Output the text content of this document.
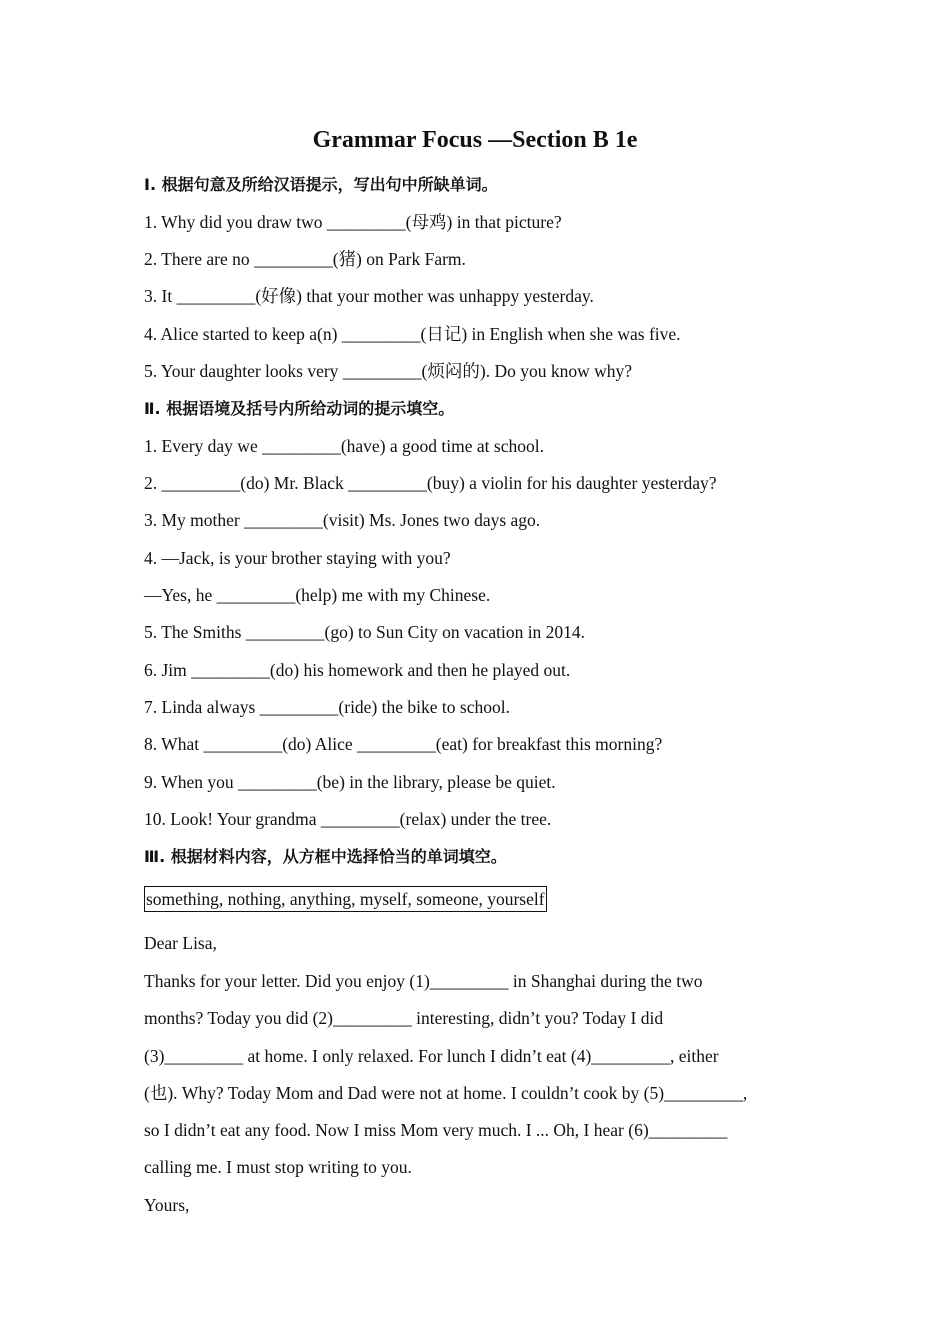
Grammar Focus —Section B 1e
Ⅰ. 根据句意及所给汉语提示，写出句中所缺单词。
1. Why did you draw two _________(母鸡) in that picture?
2. There are no _________(猪) on Park Farm.
3. It _________(好像) that your mother was unhappy yesterday.
4. Alice started to keep a(n) _________(日记) in English when she was five.
5. Your daughter looks very _________(烦闷的). Do you know why?
Ⅱ. 根据语境及括号内所给动词的提示填空。
1. Every day we _________(have) a good time at school.
2. _________(do) Mr. Black _________(buy) a violin for his daughter yesterday?
3. My mother _________(visit) Ms. Jones two days ago.
4. —Jack, is your brother staying with you?
—Yes, he _________(help) me with my Chinese.
5. The Smiths _________(go) to Sun City on vacation in 2014.
6. Jim _________(do) his homework and then he played out.
7. Linda always _________(ride) the bike to school.
8. What _________(do) Alice _________(eat) for breakfast this morning?
9. When you _________(be) in the library, please be quiet.
10. Look! Your grandma _________(relax) under the tree.
Ⅲ. 根据材料内容，从方框中选择恰当的单词填空。
something, nothing, anything, myself, someone, yourself
Dear Lisa,
Thanks for your letter. Did you enjoy (1)_________ in Shanghai during the two
months? Today you did (2)_________ interesting, didn’t you? Today I did
(3)_________ at home. I only relaxed. For lunch I didn’t eat (4)_________, either
(也). Why? Today Mom and Dad were not at home. I couldn’t cook by (5)_________,
so I didn’t eat any food. Now I miss Mom very much. I ... Oh, I hear (6)_________
calling me. I must stop writing to you.
Yours,
